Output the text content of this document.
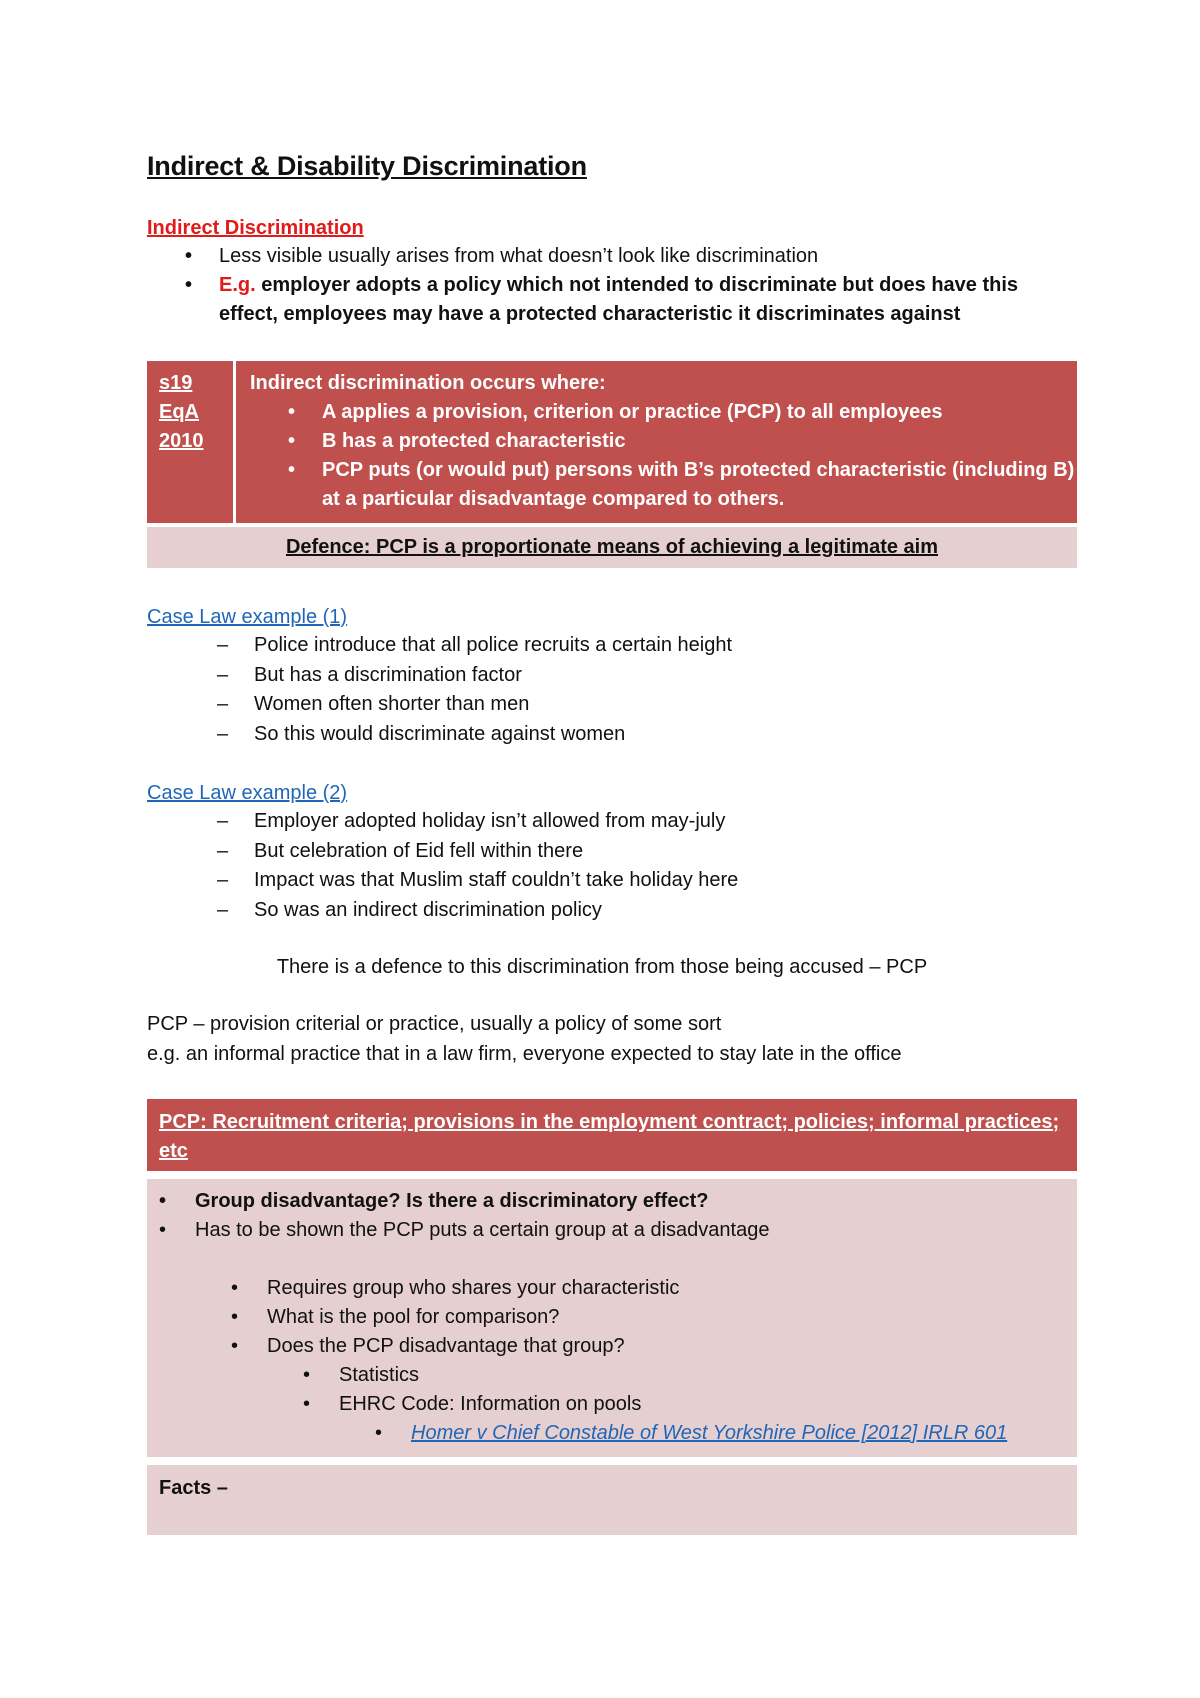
Indirect & Disability Discrimination
Indirect Discrimination
• Less visible usually arises from what doesn’t look like discrimination
• E.g. employer adopts a policy which not intended to discriminate but does have this effect, employees may have a protected characteristic it discriminates against
s19
EqA
2010
Indirect discrimination occurs where:
• A applies a provision, criterion or practice (PCP) to all employees
• B has a protected characteristic
• PCP puts (or would put) persons with B’s protected characteristic (including B) at a particular disadvantage compared to others.
Defence: PCP is a proportionate means of achieving a legitimate aim
Case Law example (1)
– Police introduce that all police recruits a certain height
– But has a discrimination factor
– Women often shorter than men
– So this would discriminate against women
Case Law example (2)
– Employer adopted holiday isn’t allowed from may-july
– But celebration of Eid fell within there
– Impact was that Muslim staff couldn’t take holiday here
– So was an indirect discrimination policy
There is a defence to this discrimination from those being accused – PCP
PCP – provision criterial or practice, usually a policy of some sort
e.g. an informal practice that in a law firm, everyone expected to stay late in the office
PCP: Recruitment criteria; provisions in the employment contract; policies; informal practices; etc
• Group disadvantage? Is there a discriminatory effect?
• Has to be shown the PCP puts a certain group at a disadvantage
• Requires group who shares your characteristic
• What is the pool for comparison?
• Does the PCP disadvantage that group?
• Statistics
• EHRC Code: Information on pools
• Homer v Chief Constable of West Yorkshire Police [2012] IRLR 601
Facts –
